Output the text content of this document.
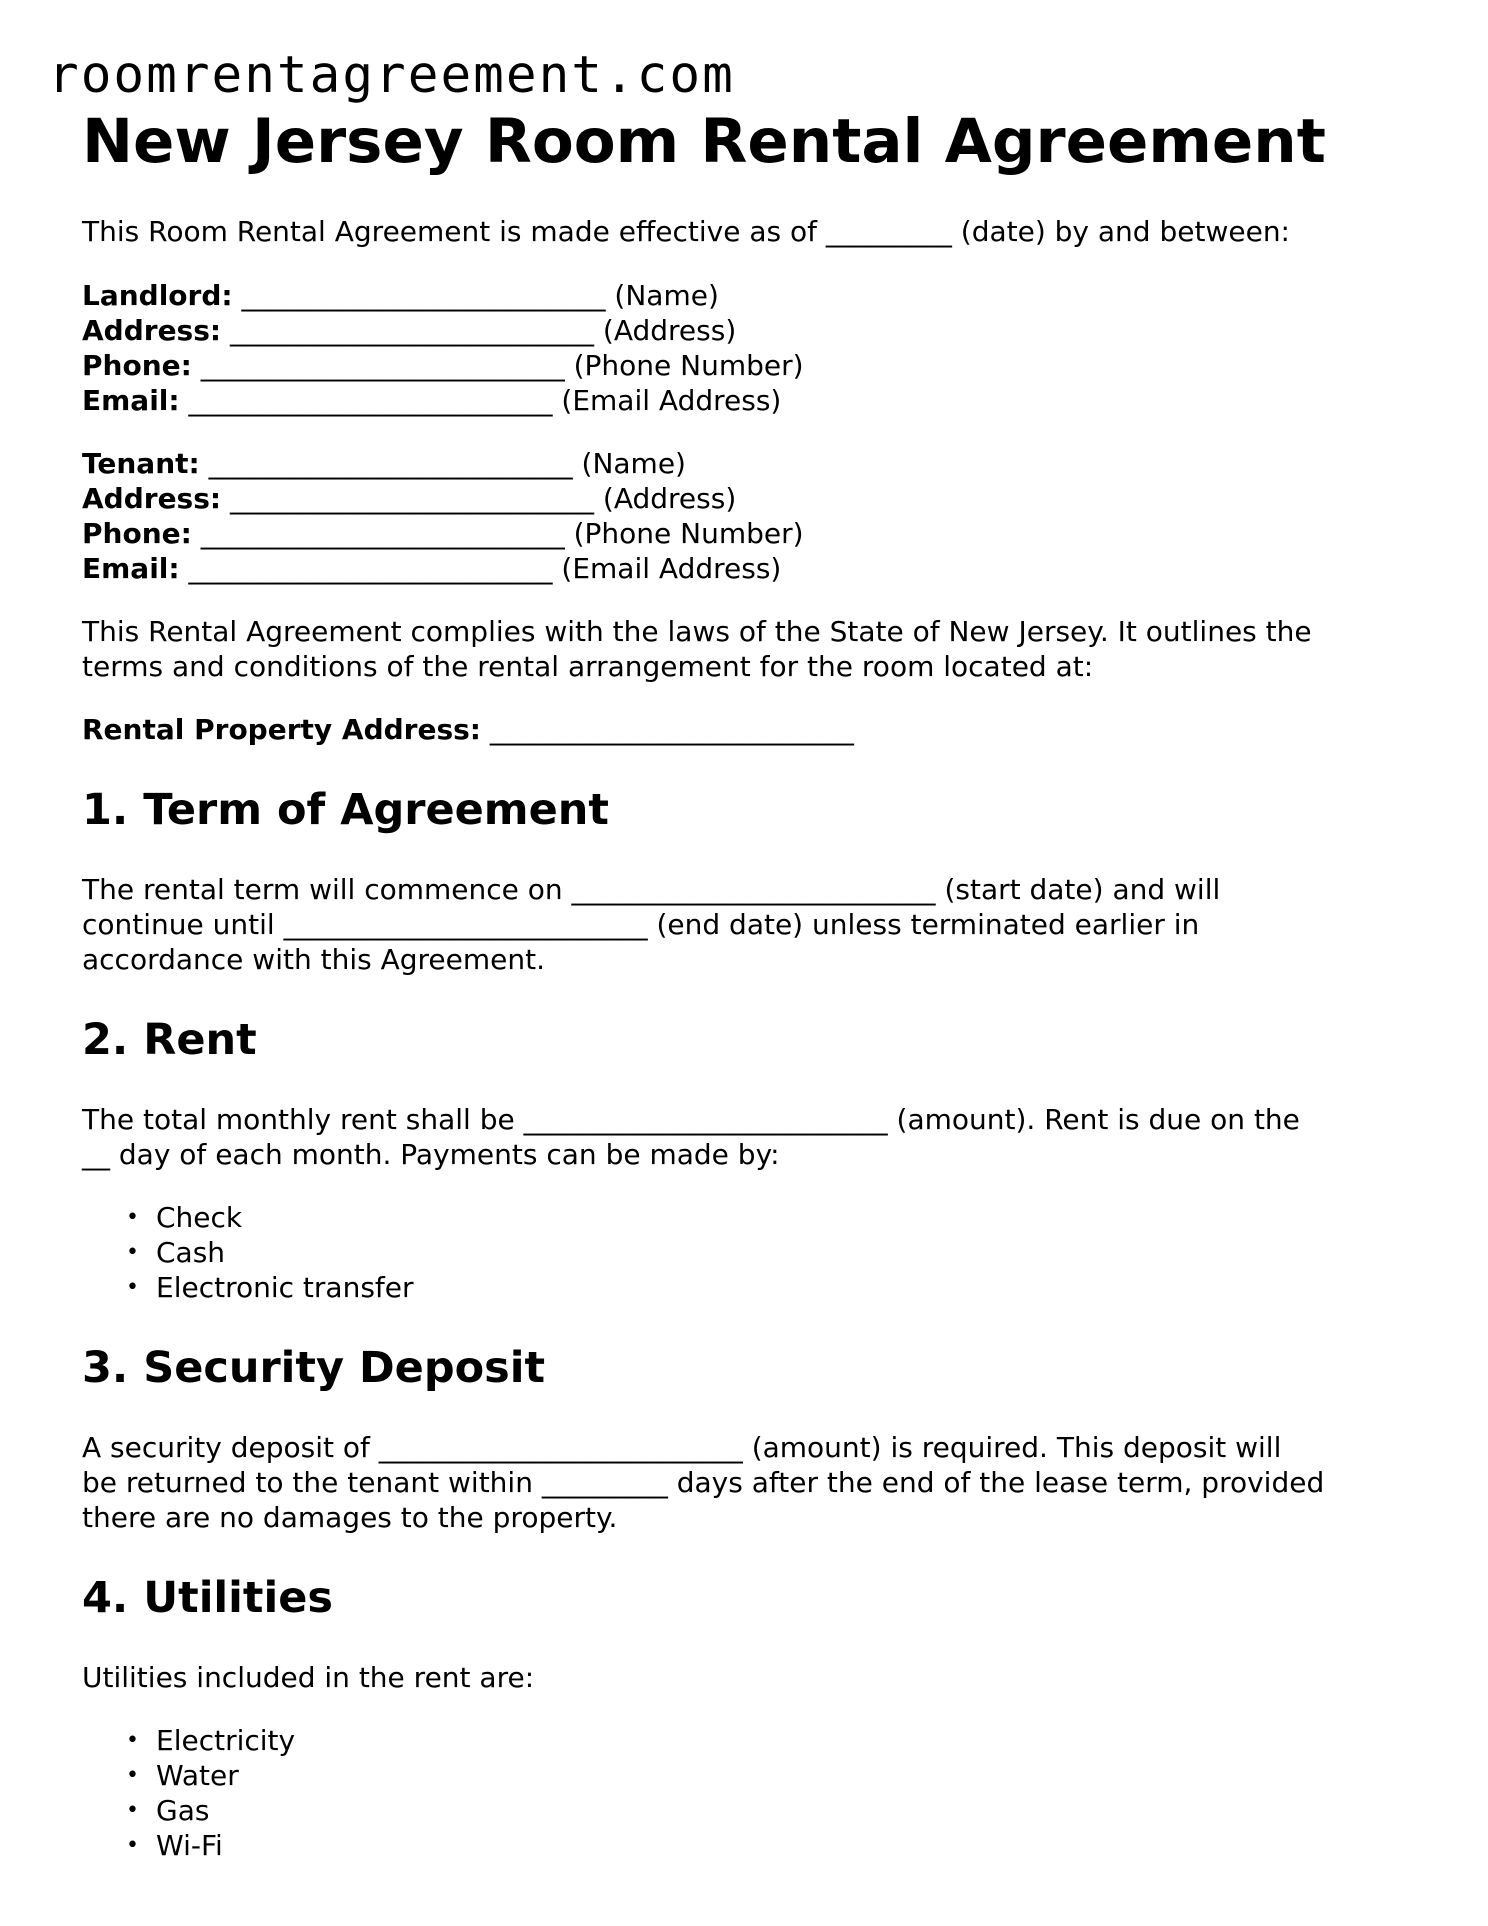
roomrentagreement.com
New Jersey Room Rental Agreement

This Room Rental Agreement is made effective as of _________ (date) by and between:

Landlord: __________________________ (Name)
Address: __________________________ (Address)
Phone: __________________________ (Phone Number)
Email: __________________________ (Email Address)
Tenant: __________________________ (Name)
Address: __________________________ (Address)
Phone: __________________________ (Phone Number)
Email: __________________________ (Email Address)

This Rental Agreement complies with the laws of the State of New Jersey. It outlines the

terms and conditions of the rental arrangement for the room located at:

Rental Property Address: __________________________

1. Term of Agreement

The rental term will commence on __________________________ (start date) and will

continue until __________________________ (end date) unless terminated earlier in

accordance with this Agreement.

2. Rent

The total monthly rent shall be __________________________ (amount). Rent is due on the

__ day of each month. Payments can be made by:

• Check
• Cash
• Electronic transfer
3. Security Deposit

A security deposit of __________________________ (amount) is required. This deposit will

be returned to the tenant within _________ days after the end of the lease term, provided

there are no damages to the property.

4. Utilities

Utilities included in the rent are:

• Electricity
• Water
• Gas
• Wi-Fi
